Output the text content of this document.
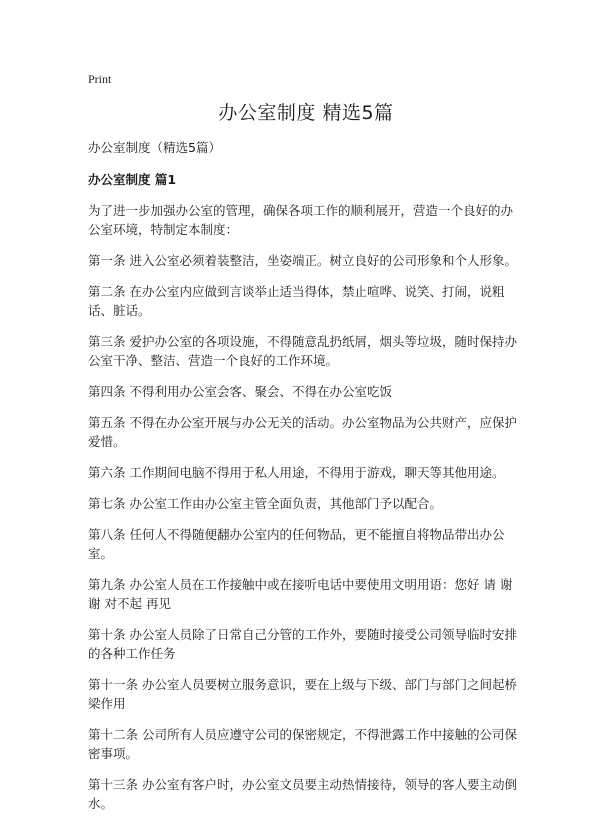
Print
办公室制度 精选5篇
办公室制度（精选5篇）
办公室制度 篇1

为了进一步加强办公室的管理，确保各项工作的顺利展开，营造一个良好的办公室环境，特制定本制度：

第一条 进入公室必须着装整洁，坐姿端正。树立良好的公司形象和个人形象。

第二条 在办公室内应做到言谈举止适当得体，禁止喧哗、说笑、打闹，说粗话、脏话。

第三条 爱护办公室的各项设施，不得随意乱扔纸屑，烟头等垃圾，随时保持办公室干净、整洁、营造一个良好的工作环境。

第四条 不得利用办公室会客、聚会、不得在办公室吃饭

第五条 不得在办公室开展与办公无关的活动。办公室物品为公共财产，应保护爱惜。

第六条 工作期间电脑不得用于私人用途，不得用于游戏，聊天等其他用途。

第七条 办公室工作由办公室主管全面负责，其他部门予以配合。

第八条 任何人不得随便翻办公室内的任何物品，更不能擅自将物品带出办公室。

第九条 办公室人员在工作接触中或在接听电话中要使用文明用语：您好 请 谢谢 对不起 再见

第十条 办公室人员除了日常自己分管的工作外，要随时接受公司领导临时安排的各种工作任务

第十一条 办公室人员要树立服务意识，要在上级与下级、部门与部门之间起桥梁作用

第十二条 公司所有人员应遵守公司的保密规定，不得泄露工作中接触的公司保密事项。

第十三条 办公室有客户时，办公室文员要主动热情接待，领导的客人要主动倒水。
